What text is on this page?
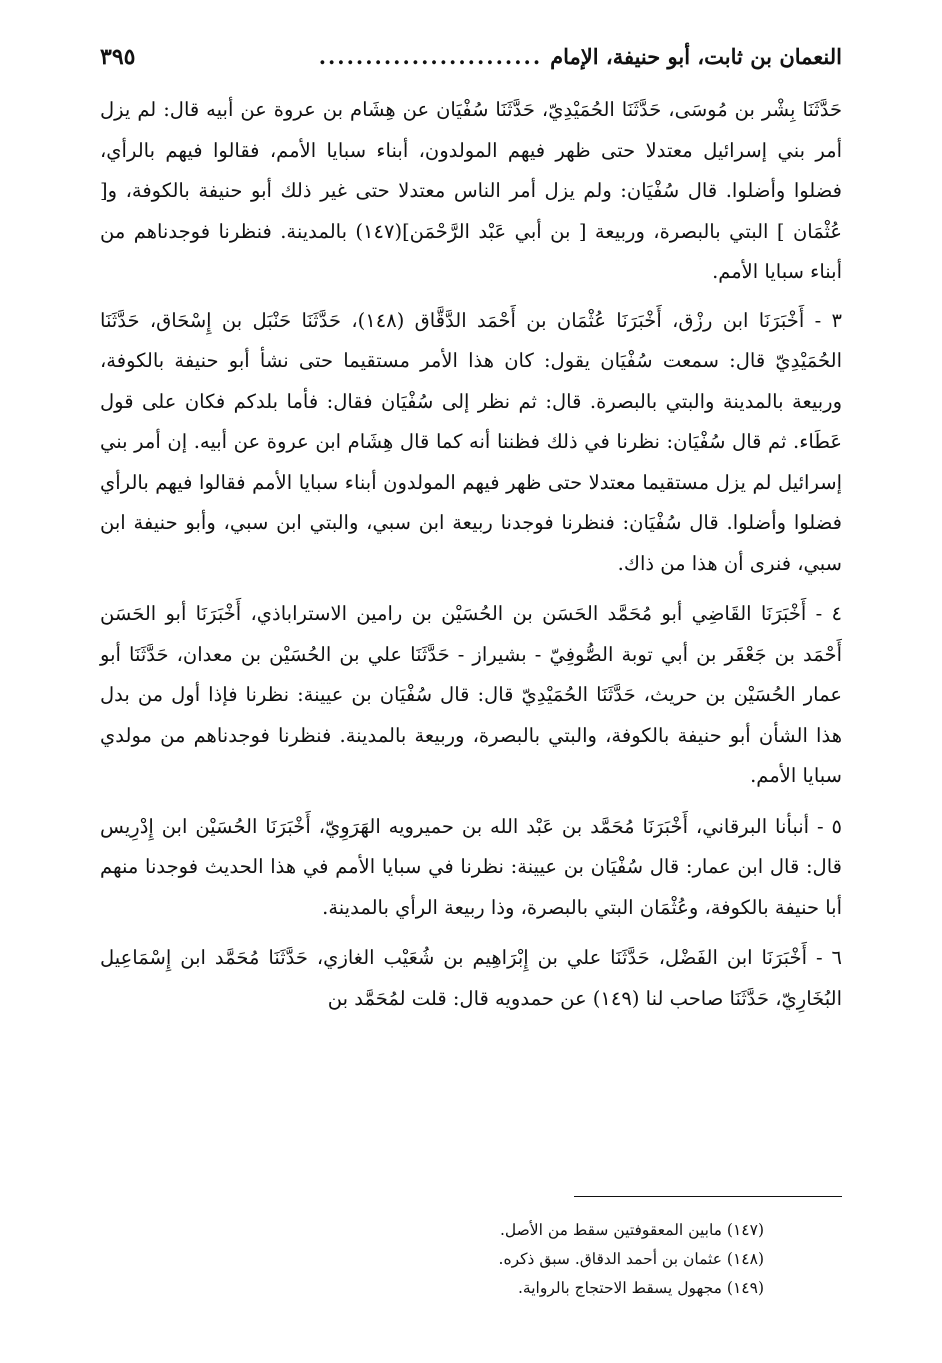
النعمان بن ثابت، أبو حنيفة، الإمام
........................
٣٩٥

حَدَّثَنَا بِشْر بن مُوسَى، حَدَّثَنَا الحُمَيْدِيّ، حَدَّثَنَا سُفْيَان عن هِشَام بن عروة عن أبيه قال: لم يزل أمر بني إسرائيل معتدلا حتى ظهر فيهم المولدون، أبناء سبايا الأمم، فقالوا فيهم بالرأي، فضلوا وأضلوا. قال سُفْيَان: ولم يزل أمر الناس معتدلا حتى غير ذلك أبو حنيفة بالكوفة، و[ عُثْمَان ] البتي بالبصرة، وربيعة [ بن أبي عَبْد الرَّحْمَن](١٤٧) بالمدينة. فنظرنا فوجدناهم من أبناء سبايا الأمم.

٣ - أَخْبَرَنَا ابن رزْق، أَخْبَرَنَا عُثْمَان بن أَحْمَد الدَّقَّاق (١٤٨)، حَدَّثَنَا حَنْبَل بن إِسْحَاق، حَدَّثَنَا الحُمَيْدِيّ قال: سمعت سُفْيَان يقول: كان هذا الأمر مستقيما حتى نشأ أبو حنيفة بالكوفة، وربيعة بالمدينة والبتي بالبصرة. قال: ثم نظر إلى سُفْيَان فقال: فأما بلدكم فكان على قول عَطَاء. ثم قال سُفْيَان: نظرنا في ذلك فظننا أنه كما قال هِشَام ابن عروة عن أبيه. إن أمر بني إسرائيل لم يزل مستقيما معتدلا حتى ظهر فيهم المولدون أبناء سبايا الأمم فقالوا فيهم بالرأي فضلوا وأضلوا. قال سُفْيَان: فنظرنا فوجدنا ربيعة ابن سبي، والبتي ابن سبي، وأبو حنيفة ابن سبي، فنرى أن هذا من ذاك.

٤ - أَخْبَرَنَا القَاضِي أبو مُحَمَّد الحَسَن بن الحُسَيْن بن رامين الاستراباذي، أَخْبَرَنَا أبو الحَسَن أَحْمَد بن جَعْفَر بن أبي توبة الصُّوفِيّ - بشيراز - حَدَّثَنَا علي بن الحُسَيْن بن معدان، حَدَّثَنَا أبو عمار الحُسَيْن بن حريث، حَدَّثَنَا الحُمَيْدِيّ قال: قال سُفْيَان بن عيينة: نظرنا فإذا أول من بدل هذا الشأن أبو حنيفة بالكوفة، والبتي بالبصرة، وربيعة بالمدينة. فنظرنا فوجدناهم من مولدي سبايا الأمم.

٥ - أنبأنا البرقاني، أَخْبَرَنَا مُحَمَّد بن عَبْد الله بن حميرويه الهَرَوِيّ، أَخْبَرَنَا الحُسَيْن ابن إِدْرِيس قال: قال ابن عمار: قال سُفْيَان بن عيينة: نظرنا في سبايا الأمم في هذا الحديث فوجدنا منهم أبا حنيفة بالكوفة، وعُثْمَان البتي بالبصرة، وذا ربيعة الرأي بالمدينة.

٦ - أَخْبَرَنَا ابن الفَضْل، حَدَّثَنَا علي بن إِبْرَاهِيم بن شُعَيْب الغازي، حَدَّثَنَا مُحَمَّد ابن إِسْمَاعِيل البُخَارِيّ، حَدَّثَنَا صاحب لنا (١٤٩) عن حمدويه قال: قلت لمُحَمَّد بن

(١٤٧) مابين المعقوفتين سقط من الأصل.
(١٤٨) عثمان بن أحمد الدقاق. سبق ذكره.
(١٤٩) مجهول يسقط الاحتجاج بالرواية.
